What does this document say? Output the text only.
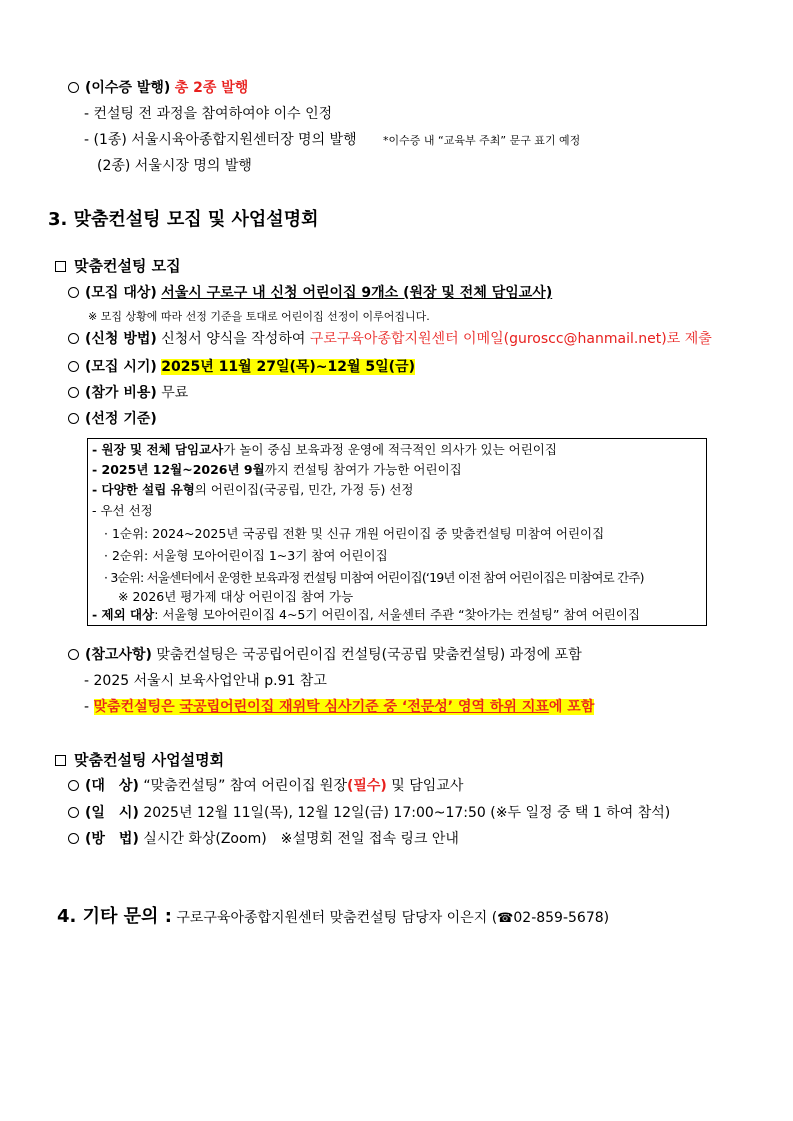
(이수증 발행) 총 2종 발행
- 컨설팅 전 과정을 참여하여야 이수 인정
- (1종) 서울시육아종합지원센터장 명의 발행 *이수증 내 “교육부 주최” 문구 표기 예정
(2종) 서울시장 명의 발행
3. 맞춤컨설팅 모집 및 사업설명회
맞춤컨설팅 모집
(모집 대상) 서울시 구로구 내 신청 어린이집 9개소 (원장 및 전체 담임교사)
※ 모집 상황에 따라 선정 기준을 토대로 어린이집 선정이 이루어집니다.
(신청 방법) 신청서 양식을 작성하여 구로구육아종합지원센터 이메일(guroscc@hanmail.net)로 제출
(모집 시기) 2025년 11월 27일(목)~12월 5일(금)
(참가 비용) 무료
(선정 기준)
- 원장 및 전체 담임교사가 놀이 중심 보육과정 운영에 적극적인 의사가 있는 어린이집
- 2025년 12월~2026년 9월까지 컨설팅 참여가 가능한 어린이집
- 다양한 설립 유형의 어린이집(국공립, 민간, 가정 등) 선정
- 우선 선정
· 1순위: 2024~2025년 국공립 전환 및 신규 개원 어린이집 중 맞춤컨설팅 미참여 어린이집
· 2순위: 서울형 모아어린이집 1~3기 참여 어린이집
· 3순위: 서울센터에서 운영한 보육과정 컨설팅 미참여 어린이집(‘19년 이전 참여 어린이집은 미참여로 간주)
※ 2026년 평가제 대상 어린이집 참여 가능
- 제외 대상: 서울형 모아어린이집 4~5기 어린이집, 서울센터 주관 “찾아가는 컨설팅” 참여 어린이집
(참고사항) 맞춤컨설팅은 국공립어린이집 컨설팅(국공립 맞춤컨설팅) 과정에 포함
- 2025 서울시 보육사업안내 p.91 참고
- 맞춤컨설팅은 국공립어린이집 재위탁 심사기준 중 ‘전문성’ 영역 하위 지표에 포함
맞춤컨설팅 사업설명회
(대　상) “맞춤컨설팅” 참여 어린이집 원장(필수) 및 담임교사
(일　시) 2025년 12월 11일(목), 12월 12일(금) 17:00~17:50 (※두 일정 중 택 1 하여 참석)
(방　법) 실시간 화상(Zoom)　※설명회 전일 접속 링크 안내
4. 기타 문의 : 구로구육아종합지원센터 맞춤컨설팅 담당자 이은지 (☎02-859-5678)
